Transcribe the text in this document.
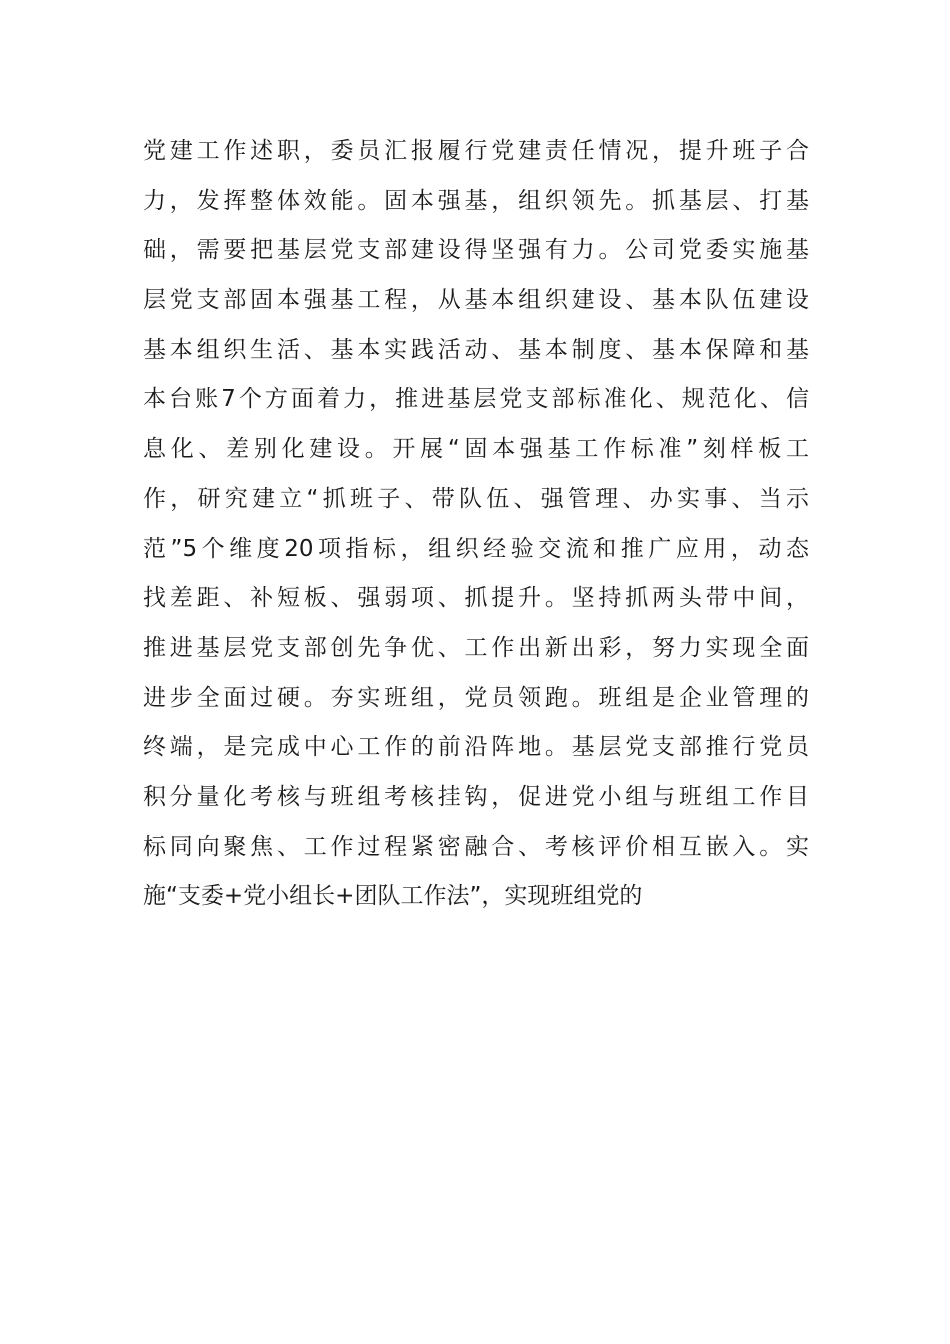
党建工作述职，委员汇报履行党建责任情况，提升班子合
力，发挥整体效能。固本强基，组织领先。抓基层、打基
础，需要把基层党支部建设得坚强有力。公司党委实施基
层党支部固本强基工程，从基本组织建设、基本队伍建设
基本组织生活、基本实践活动、基本制度、基本保障和基
本台账7个方面着力，推进基层党支部标准化、规范化、信
息化、差别化建设。开展“固本强基工作标准”刻样板工
作，研究建立“抓班子、带队伍、强管理、办实事、当示
范”5个维度20项指标，组织经验交流和推广应用，动态
找差距、补短板、强弱项、抓提升。坚持抓两头带中间，
推进基层党支部创先争优、工作出新出彩，努力实现全面
进步全面过硬。夯实班组，党员领跑。班组是企业管理的
终端，是完成中心工作的前沿阵地。基层党支部推行党员
积分量化考核与班组考核挂钩，促进党小组与班组工作目
标同向聚焦、工作过程紧密融合、考核评价相互嵌入。实
施“支委+党小组长+团队工作法”，实现班组党的
